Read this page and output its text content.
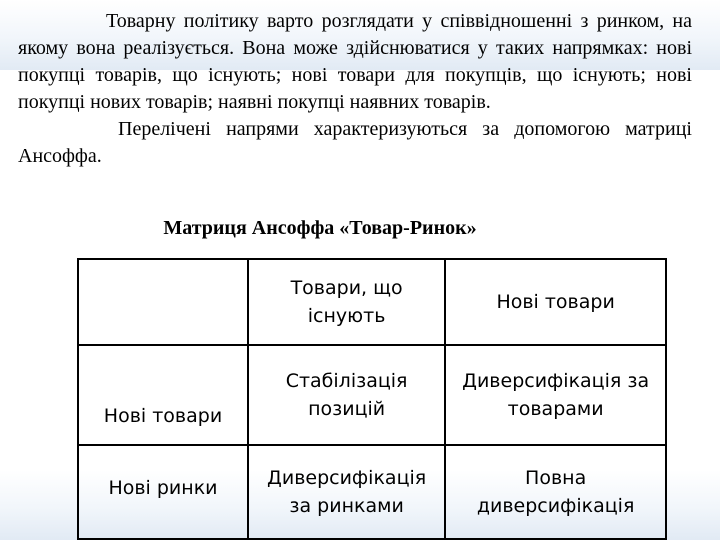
Товарну політику варто розглядати у співвідношенні з ринком, на якому вона реалізується. Вона може здійснюватися у таких напрямках: нові покупці товарів, що існують; нові товари для покупців, що існують; нові покупці нових товарів; наявні покупці наявних товарів.

Перелічені напрями характеризуються за допомогою матриці Ансоффа.

Матриця Ансоффа «Товар-Ринок»
	Товари, що існують	Нові товари
Нові товари	Стабілізація позицій	Диверсифікація за товарами
Нові ринки	Диверсифікація за ринками	Повна диверсифікація
